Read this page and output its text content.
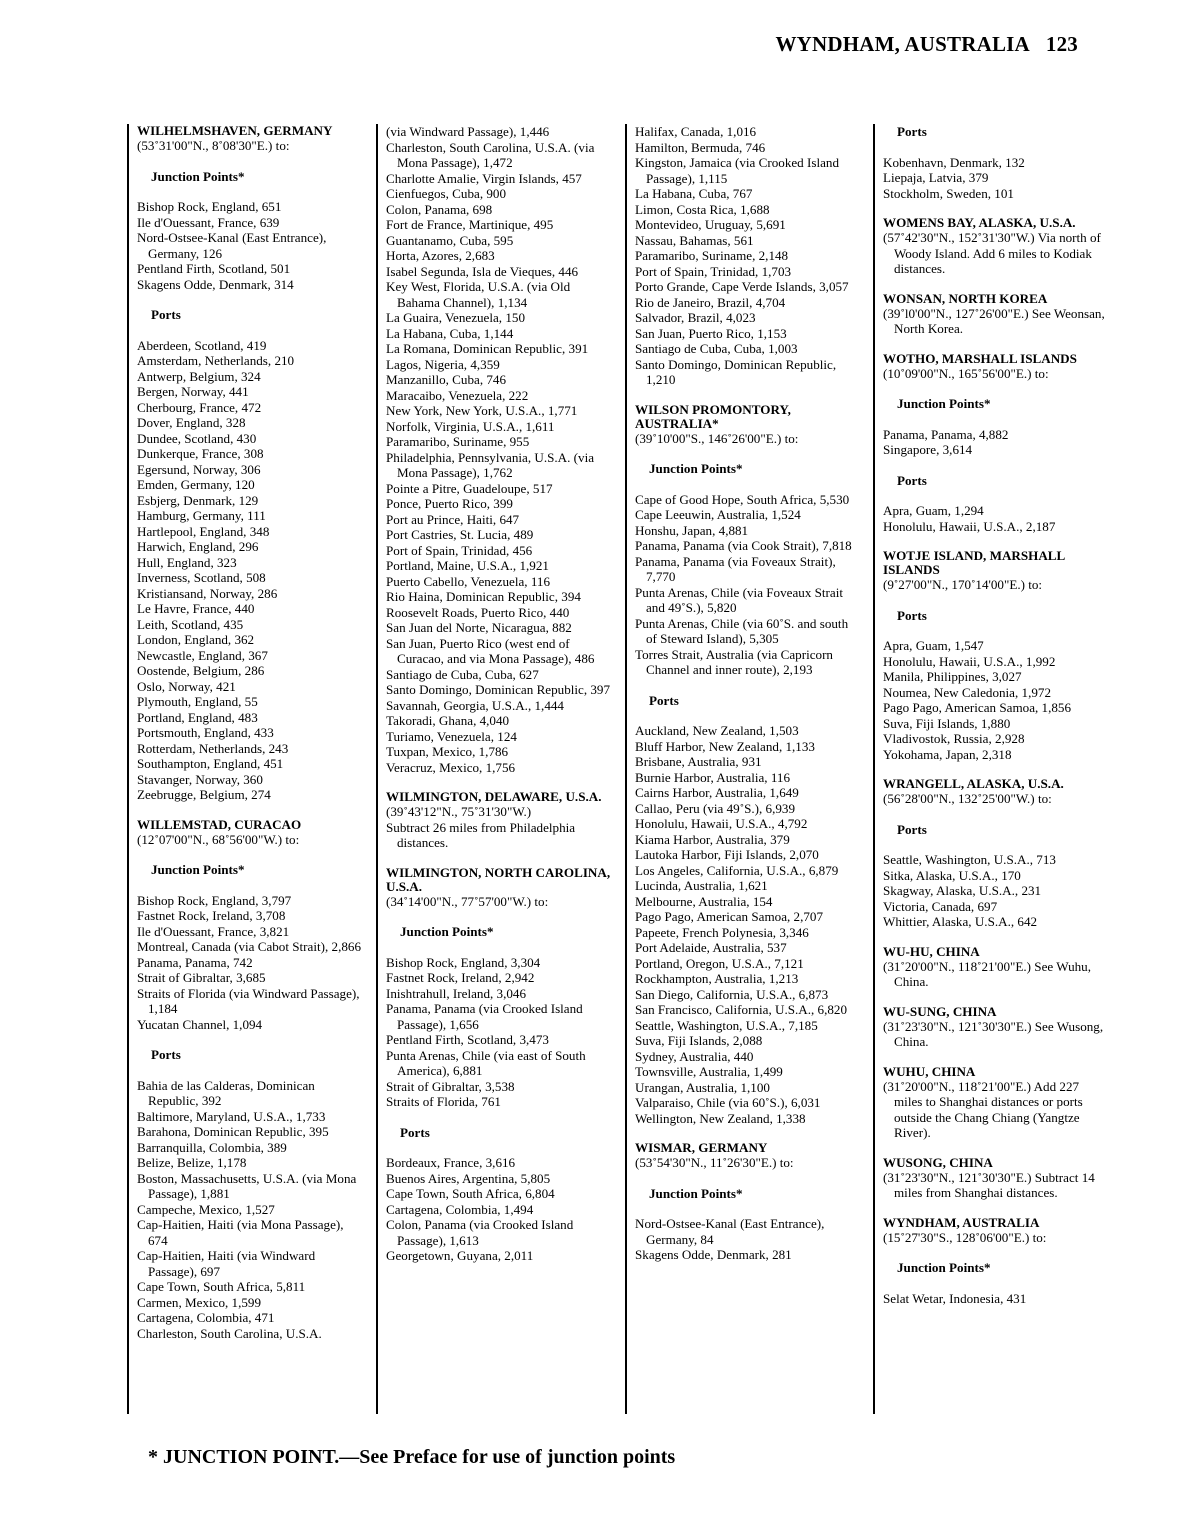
WYNDHAM, AUSTRALIA 123
WILHELMSHAVEN, GERMANY
(53˚31'00"N., 8˚08'30"E.) to:
Junction Points*
Bishop Rock, England, 651
Ile d'Ouessant, France, 639
Nord-Ostsee-Kanal (East Entrance), Germany, 126
Pentland Firth, Scotland, 501
Skagens Odde, Denmark, 314
Ports
Aberdeen, Scotland, 419
Amsterdam, Netherlands, 210
Antwerp, Belgium, 324
Bergen, Norway, 441
Cherbourg, France, 472
Dover, England, 328
Dundee, Scotland, 430
Dunkerque, France, 308
Egersund, Norway, 306
Emden, Germany, 120
Esbjerg, Denmark, 129
Hamburg, Germany, 111
Hartlepool, England, 348
Harwich, England, 296
Hull, England, 323
Inverness, Scotland, 508
Kristiansand, Norway, 286
Le Havre, France, 440
Leith, Scotland, 435
London, England, 362
Newcastle, England, 367
Oostende, Belgium, 286
Oslo, Norway, 421
Plymouth, England, 55
Portland, England, 483
Portsmouth, England, 433
Rotterdam, Netherlands, 243
Southampton, England, 451
Stavanger, Norway, 360
Zeebrugge, Belgium, 274
WILLEMSTAD, CURACAO
(12˚07'00"N., 68˚56'00"W.) to:
Junction Points*
Bishop Rock, England, 3,797
Fastnet Rock, Ireland, 3,708
Ile d'Ouessant, France, 3,821
Montreal, Canada (via Cabot Strait), 2,866
Panama, Panama, 742
Strait of Gibraltar, 3,685
Straits of Florida (via Windward Passage), 1,184
Yucatan Channel, 1,094
Ports
Bahia de las Calderas, Dominican Republic, 392
Baltimore, Maryland, U.S.A., 1,733
Barahona, Dominican Republic, 395
Barranquilla, Colombia, 389
Belize, Belize, 1,178
Boston, Massachusetts, U.S.A. (via Mona Passage), 1,881
Campeche, Mexico, 1,527
Cap-Haitien, Haiti (via Mona Passage), 674
Cap-Haitien, Haiti (via Windward Passage), 697
Cape Town, South Africa, 5,811
Carmen, Mexico, 1,599
Cartagena, Colombia, 471
Charleston, South Carolina, U.S.A.
(via Windward Passage), 1,446
Charleston, South Carolina, U.S.A. (via Mona Passage), 1,472
Charlotte Amalie, Virgin Islands, 457
Cienfuegos, Cuba, 900
Colon, Panama, 698
Fort de France, Martinique, 495
Guantanamo, Cuba, 595
Horta, Azores, 2,683
Isabel Segunda, Isla de Vieques, 446
Key West, Florida, U.S.A. (via Old Bahama Channel), 1,134
La Guaira, Venezuela, 150
La Habana, Cuba, 1,144
La Romana, Dominican Republic, 391
Lagos, Nigeria, 4,359
Manzanillo, Cuba, 746
Maracaibo, Venezuela, 222
New York, New York, U.S.A., 1,771
Norfolk, Virginia, U.S.A., 1,611
Paramaribo, Suriname, 955
Philadelphia, Pennsylvania, U.S.A. (via Mona Passage), 1,762
Pointe a Pitre, Guadeloupe, 517
Ponce, Puerto Rico, 399
Port au Prince, Haiti, 647
Port Castries, St. Lucia, 489
Port of Spain, Trinidad, 456
Portland, Maine, U.S.A., 1,921
Puerto Cabello, Venezuela, 116
Rio Haina, Dominican Republic, 394
Roosevelt Roads, Puerto Rico, 440
San Juan del Norte, Nicaragua, 882
San Juan, Puerto Rico (west end of Curacao, and via Mona Passage), 486
Santiago de Cuba, Cuba, 627
Santo Domingo, Dominican Republic, 397
Savannah, Georgia, U.S.A., 1,444
Takoradi, Ghana, 4,040
Turiamo, Venezuela, 124
Tuxpan, Mexico, 1,786
Veracruz, Mexico, 1,756
WILMINGTON, DELAWARE, U.S.A.
(39˚43'12"N., 75˚31'30"W.)
Subtract 26 miles from Philadelphia distances.
WILMINGTON, NORTH CAROLINA, U.S.A.
(34˚14'00"N., 77˚57'00"W.) to:
Junction Points*
Bishop Rock, England, 3,304
Fastnet Rock, Ireland, 2,942
Inishtrahull, Ireland, 3,046
Panama, Panama (via Crooked Island Passage), 1,656
Pentland Firth, Scotland, 3,473
Punta Arenas, Chile (via east of South America), 6,881
Strait of Gibraltar, 3,538
Straits of Florida, 761
Ports
Bordeaux, France, 3,616
Buenos Aires, Argentina, 5,805
Cape Town, South Africa, 6,804
Cartagena, Colombia, 1,494
Colon, Panama (via Crooked Island Passage), 1,613
Georgetown, Guyana, 2,011
Halifax, Canada, 1,016
Hamilton, Bermuda, 746
Kingston, Jamaica (via Crooked Island Passage), 1,115
La Habana, Cuba, 767
Limon, Costa Rica, 1,688
Montevideo, Uruguay, 5,691
Nassau, Bahamas, 561
Paramaribo, Suriname, 2,148
Port of Spain, Trinidad, 1,703
Porto Grande, Cape Verde Islands, 3,057
Rio de Janeiro, Brazil, 4,704
Salvador, Brazil, 4,023
San Juan, Puerto Rico, 1,153
Santiago de Cuba, Cuba, 1,003
Santo Domingo, Dominican Republic, 1,210
WILSON PROMONTORY, AUSTRALIA*
(39˚10'00"S., 146˚26'00"E.) to:
Junction Points*
Cape of Good Hope, South Africa, 5,530
Cape Leeuwin, Australia, 1,524
Honshu, Japan, 4,881
Panama, Panama (via Cook Strait), 7,818
Panama, Panama (via Foveaux Strait), 7,770
Punta Arenas, Chile (via Foveaux Strait and 49˚S.), 5,820
Punta Arenas, Chile (via 60˚S. and south of Steward Island), 5,305
Torres Strait, Australia (via Capricorn Channel and inner route), 2,193
Ports
Auckland, New Zealand, 1,503
Bluff Harbor, New Zealand, 1,133
Brisbane, Australia, 931
Burnie Harbor, Australia, 116
Cairns Harbor, Australia, 1,649
Callao, Peru (via 49˚S.), 6,939
Honolulu, Hawaii, U.S.A., 4,792
Kiama Harbor, Australia, 379
Lautoka Harbor, Fiji Islands, 2,070
Los Angeles, California, U.S.A., 6,879
Lucinda, Australia, 1,621
Melbourne, Australia, 154
Pago Pago, American Samoa, 2,707
Papeete, French Polynesia, 3,346
Port Adelaide, Australia, 537
Portland, Oregon, U.S.A., 7,121
Rockhampton, Australia, 1,213
San Diego, California, U.S.A., 6,873
San Francisco, California, U.S.A., 6,820
Seattle, Washington, U.S.A., 7,185
Suva, Fiji Islands, 2,088
Sydney, Australia, 440
Townsville, Australia, 1,499
Urangan, Australia, 1,100
Valparaiso, Chile (via 60˚S.), 6,031
Wellington, New Zealand, 1,338
WISMAR, GERMANY
(53˚54'30"N., 11˚26'30"E.) to:
Junction Points*
Nord-Ostsee-Kanal (East Entrance), Germany, 84
Skagens Odde, Denmark, 281
Ports
Kobenhavn, Denmark, 132
Liepaja, Latvia, 379
Stockholm, Sweden, 101
WOMENS BAY, ALASKA, U.S.A.
(57˚42'30"N., 152˚31'30"W.) Via north of Woody Island. Add 6 miles to Kodiak distances.
WONSAN, NORTH KOREA
(39˚l0'00"N., 127˚26'00"E.) See Weonsan, North Korea.
WOTHO, MARSHALL ISLANDS
(10˚09'00"N., 165˚56'00"E.) to:
Junction Points*
Panama, Panama, 4,882
Singapore, 3,614
Ports
Apra, Guam, 1,294
Honolulu, Hawaii, U.S.A., 2,187
WOTJE ISLAND, MARSHALL ISLANDS
(9˚27'00"N., 170˚14'00"E.) to:
Ports
Apra, Guam, 1,547
Honolulu, Hawaii, U.S.A., 1,992
Manila, Philippines, 3,027
Noumea, New Caledonia, 1,972
Pago Pago, American Samoa, 1,856
Suva, Fiji Islands, 1,880
Vladivostok, Russia, 2,928
Yokohama, Japan, 2,318
WRANGELL, ALASKA, U.S.A.
(56˚28'00"N., 132˚25'00"W.) to:
Ports
Seattle, Washington, U.S.A., 713
Sitka, Alaska, U.S.A., 170
Skagway, Alaska, U.S.A., 231
Victoria, Canada, 697
Whittier, Alaska, U.S.A., 642
WU-HU, CHINA
(31˚20'00"N., 118˚21'00"E.) See Wuhu, China.
WU-SUNG, CHINA
(31˚23'30"N., 121˚30'30"E.) See Wusong, China.
WUHU, CHINA
(31˚20'00"N., 118˚21'00"E.) Add 227 miles to Shanghai distances or ports outside the Chang Chiang (Yangtze River).
WUSONG, CHINA
(31˚23'30"N., 121˚30'30"E.) Subtract 14 miles from Shanghai distances.
WYNDHAM, AUSTRALIA
(15˚27'30"S., 128˚06'00"E.) to:
Junction Points*
Selat Wetar, Indonesia, 431
* JUNCTION POINT.—See Preface for use of junction points
